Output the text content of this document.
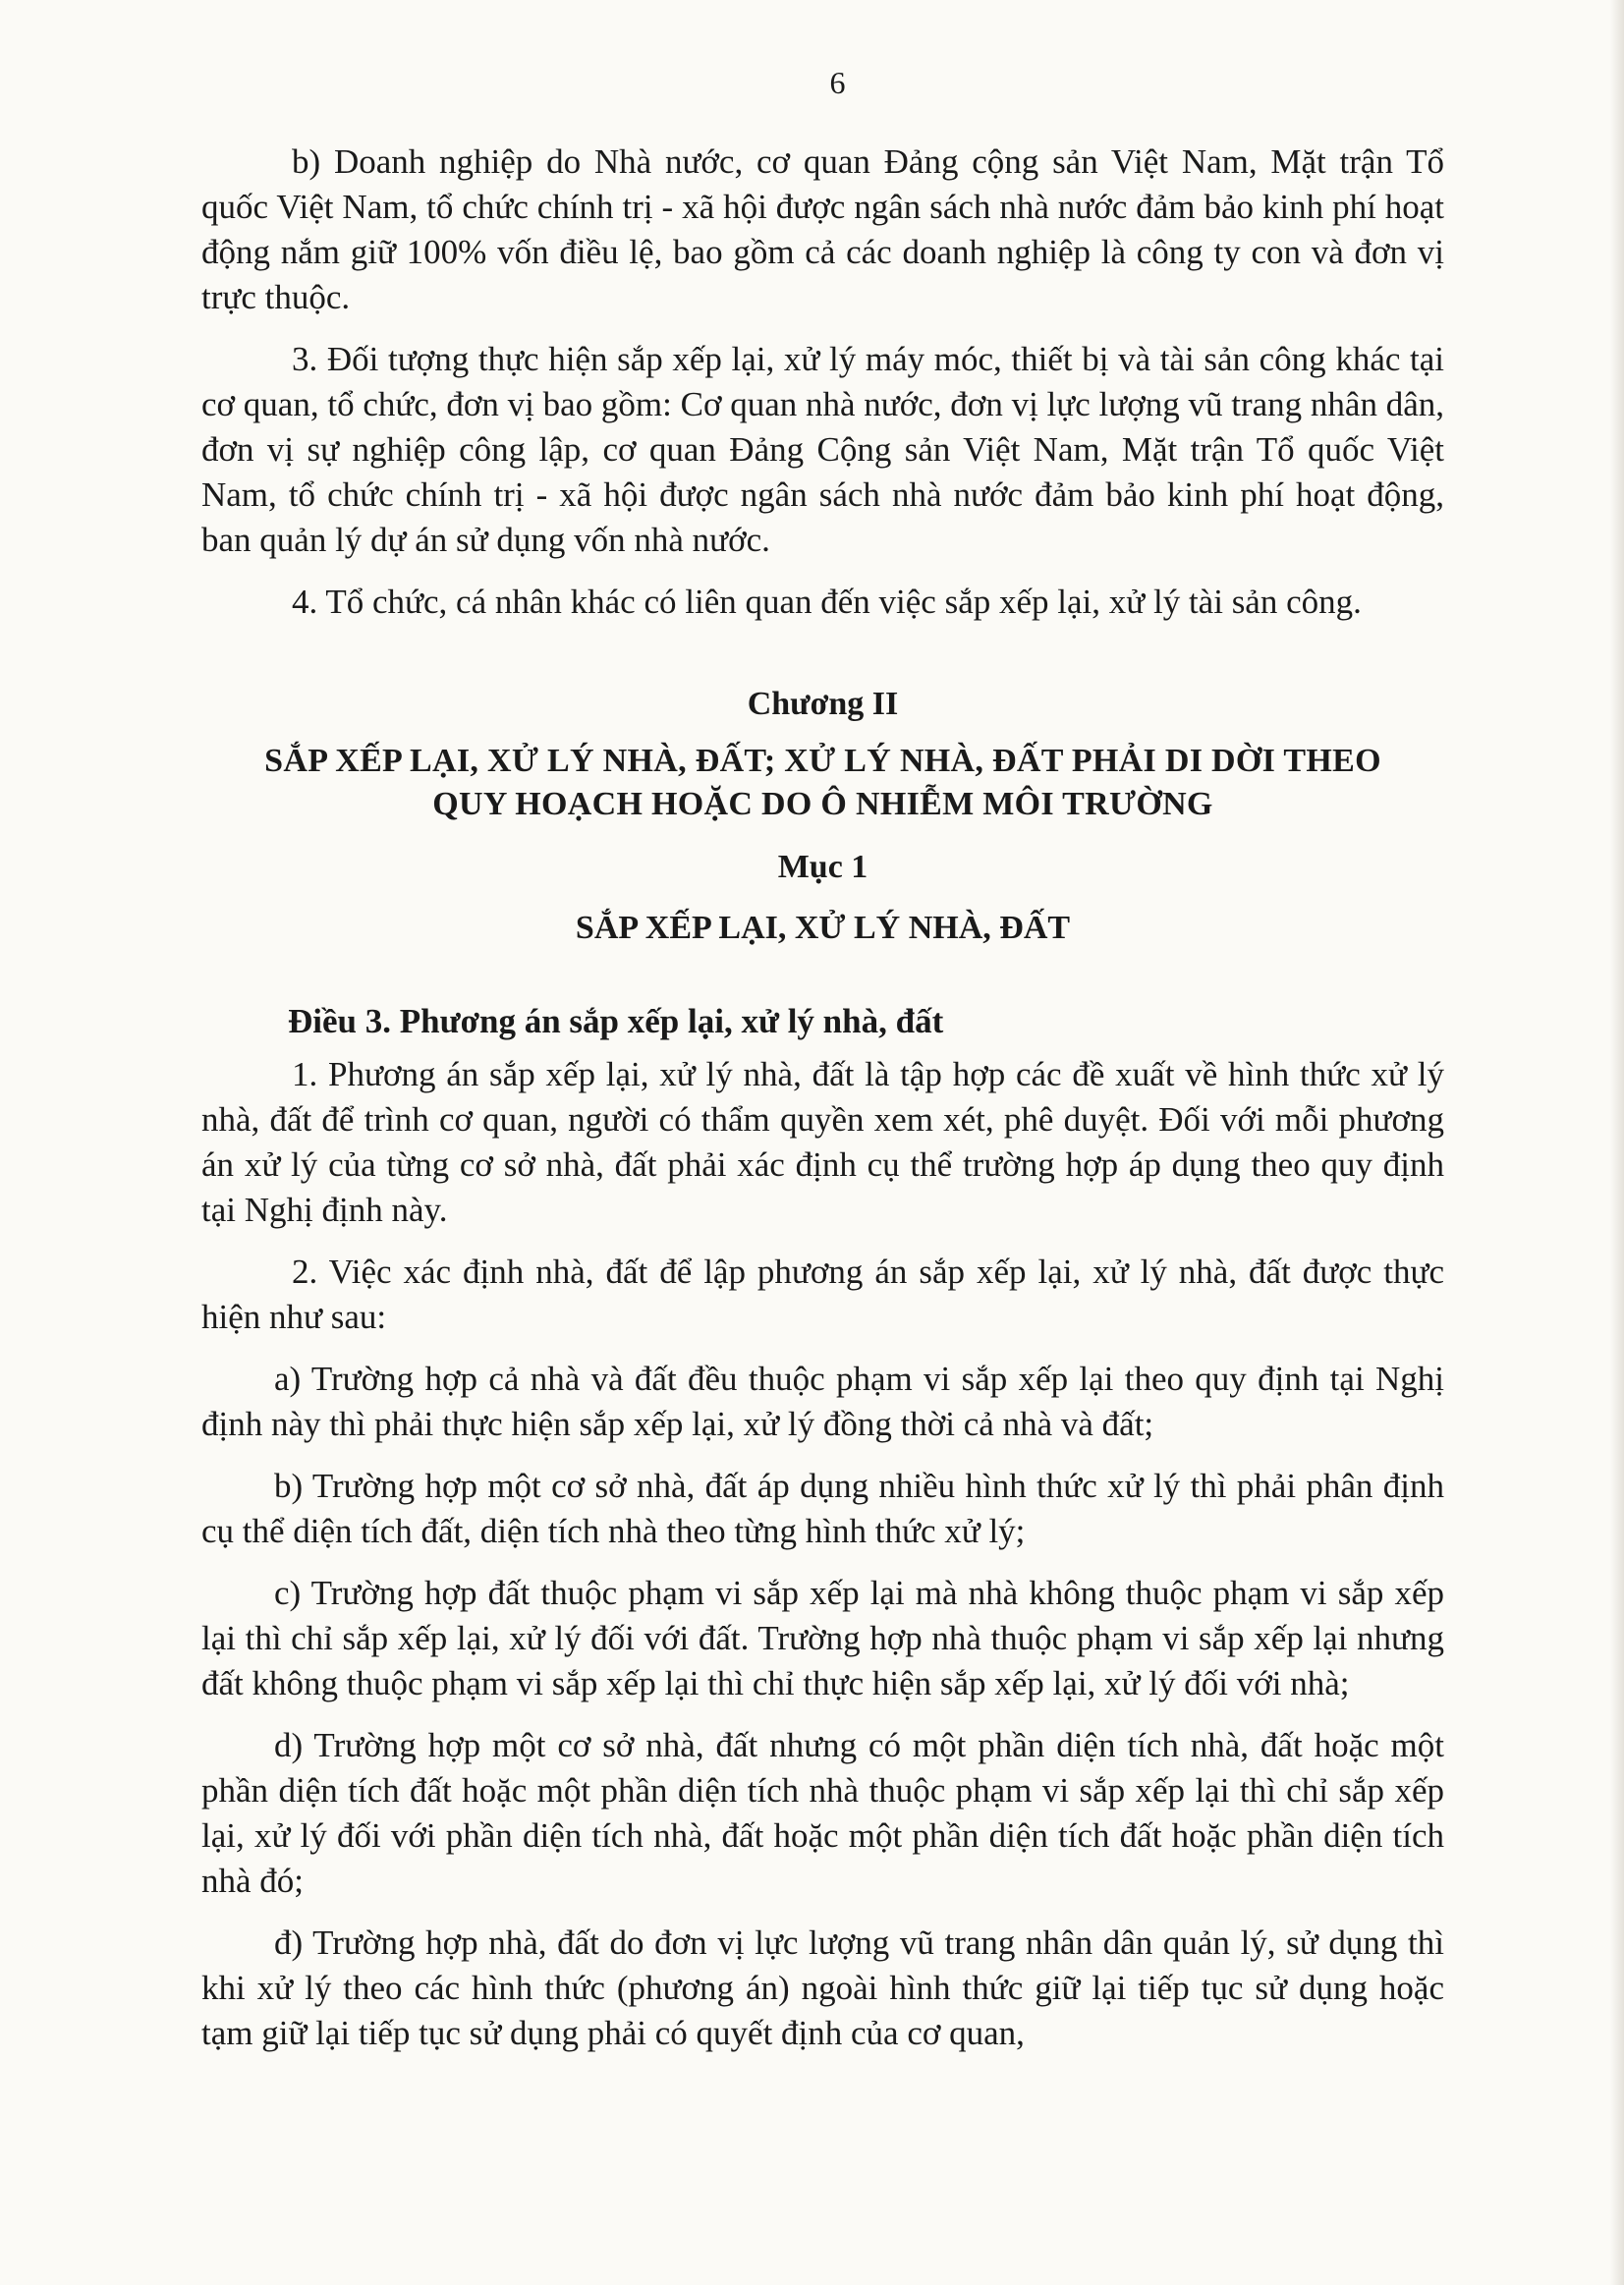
6

b) Doanh nghiệp do Nhà nước, cơ quan Đảng cộng sản Việt Nam, Mặt trận Tổ quốc Việt Nam, tổ chức chính trị - xã hội được ngân sách nhà nước đảm bảo kinh phí hoạt động nắm giữ 100% vốn điều lệ, bao gồm cả các doanh nghiệp là công ty con và đơn vị trực thuộc.

3. Đối tượng thực hiện sắp xếp lại, xử lý máy móc, thiết bị và tài sản công khác tại cơ quan, tổ chức, đơn vị bao gồm: Cơ quan nhà nước, đơn vị lực lượng vũ trang nhân dân, đơn vị sự nghiệp công lập, cơ quan Đảng Cộng sản Việt Nam, Mặt trận Tổ quốc Việt Nam, tổ chức chính trị - xã hội được ngân sách nhà nước đảm bảo kinh phí hoạt động, ban quản lý dự án sử dụng vốn nhà nước.

4. Tổ chức, cá nhân khác có liên quan đến việc sắp xếp lại, xử lý tài sản công.

Chương II
SẮP XẾP LẠI, XỬ LÝ NHÀ, ĐẤT; XỬ LÝ NHÀ, ĐẤT PHẢI DI DỜI THEO
QUY HOẠCH HOẶC DO Ô NHIỄM MÔI TRƯỜNG
Mục 1
SẮP XẾP LẠI, XỬ LÝ NHÀ, ĐẤT
Điều 3. Phương án sắp xếp lại, xử lý nhà, đất

1. Phương án sắp xếp lại, xử lý nhà, đất là tập hợp các đề xuất về hình thức xử lý nhà, đất để trình cơ quan, người có thẩm quyền xem xét, phê duyệt. Đối với mỗi phương án xử lý của từng cơ sở nhà, đất phải xác định cụ thể trường hợp áp dụng theo quy định tại Nghị định này.

2. Việc xác định nhà, đất để lập phương án sắp xếp lại, xử lý nhà, đất được thực hiện như sau:

a) Trường hợp cả nhà và đất đều thuộc phạm vi sắp xếp lại theo quy định tại Nghị định này thì phải thực hiện sắp xếp lại, xử lý đồng thời cả nhà và đất;

b) Trường hợp một cơ sở nhà, đất áp dụng nhiều hình thức xử lý thì phải phân định cụ thể diện tích đất, diện tích nhà theo từng hình thức xử lý;

c) Trường hợp đất thuộc phạm vi sắp xếp lại mà nhà không thuộc phạm vi sắp xếp lại thì chỉ sắp xếp lại, xử lý đối với đất. Trường hợp nhà thuộc phạm vi sắp xếp lại nhưng đất không thuộc phạm vi sắp xếp lại thì chỉ thực hiện sắp xếp lại, xử lý đối với nhà;

d) Trường hợp một cơ sở nhà, đất nhưng có một phần diện tích nhà, đất hoặc một phần diện tích đất hoặc một phần diện tích nhà thuộc phạm vi sắp xếp lại thì chỉ sắp xếp lại, xử lý đối với phần diện tích nhà, đất hoặc một phần diện tích đất hoặc phần diện tích nhà đó;

đ) Trường hợp nhà, đất do đơn vị lực lượng vũ trang nhân dân quản lý, sử dụng thì khi xử lý theo các hình thức (phương án) ngoài hình thức giữ lại tiếp tục sử dụng hoặc tạm giữ lại tiếp tục sử dụng phải có quyết định của cơ quan,
